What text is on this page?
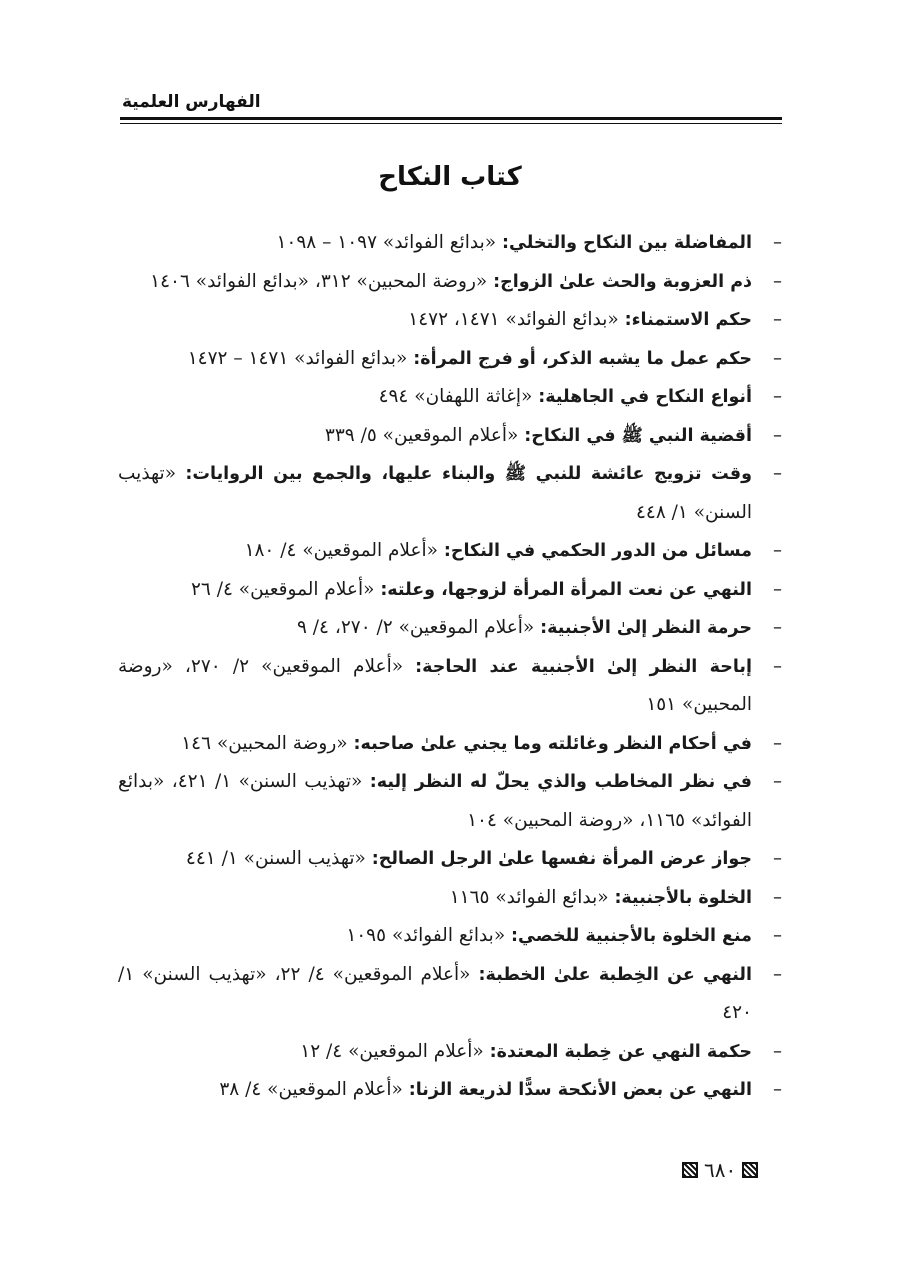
الفهارس العلمية
كتاب النكاح
–
المفاضلة بين النكاح والتخلي: «بدائع الفوائد» ١٠٩٧ – ١٠٩٨
–
ذم العزوبة والحث علىٰ الزواج: «روضة المحبين» ٣١٢، «بدائع الفوائد» ١٤٠٦
–
حكم الاستمناء: «بدائع الفوائد» ١٤٧١، ١٤٧٢
–
حكم عمل ما يشبه الذكر، أو فرج المرأة: «بدائع الفوائد» ١٤٧١ – ١٤٧٢
–
أنواع النكاح في الجاهلية: «إغاثة اللهفان» ٤٩٤
–
أقضية النبي ﷺ في النكاح: «أعلام الموقعين» ٥/ ٣٣٩
–
وقت تزويج عائشة للنبي ﷺ والبناء عليها، والجمع بين الروايات: «تهذيب السنن» ١/ ٤٤٨
–
مسائل من الدور الحكمي في النكاح: «أعلام الموقعين» ٤/ ١٨٠
–
النهي عن نعت المرأة المرأة لزوجها، وعلته: «أعلام الموقعين» ٤/ ٢٦
–
حرمة النظر إلىٰ الأجنبية: «أعلام الموقعين» ٢/ ٢٧٠، ٤/ ٩
–
إباحة النظر إلىٰ الأجنبية عند الحاجة: «أعلام الموقعين» ٢/ ٢٧٠، «روضة المحبين» ١٥١
–
في أحكام النظر وغائلته وما يجني علىٰ صاحبه: «روضة المحبين» ١٤٦
–
في نظر المخاطب والذي يحلّ له النظر إليه: «تهذيب السنن» ١/ ٤٢١، «بدائع الفوائد» ١١٦٥، «روضة المحبين» ١٠٤
–
جواز عرض المرأة نفسها علىٰ الرجل الصالح: «تهذيب السنن» ١/ ٤٤١
–
الخلوة بالأجنبية: «بدائع الفوائد» ١١٦٥
–
منع الخلوة بالأجنبية للخصي: «بدائع الفوائد» ١٠٩٥
–
النهي عن الخِطبة علىٰ الخطبة: «أعلام الموقعين» ٤/ ٢٢، «تهذيب السنن» ١/ ٤٢٠
–
حكمة النهي عن خِطبة المعتدة: «أعلام الموقعين» ٤/ ١٢
–
النهي عن بعض الأنكحة سدًّا لذريعة الزنا: «أعلام الموقعين» ٤/ ٣٨
٦٨٠
